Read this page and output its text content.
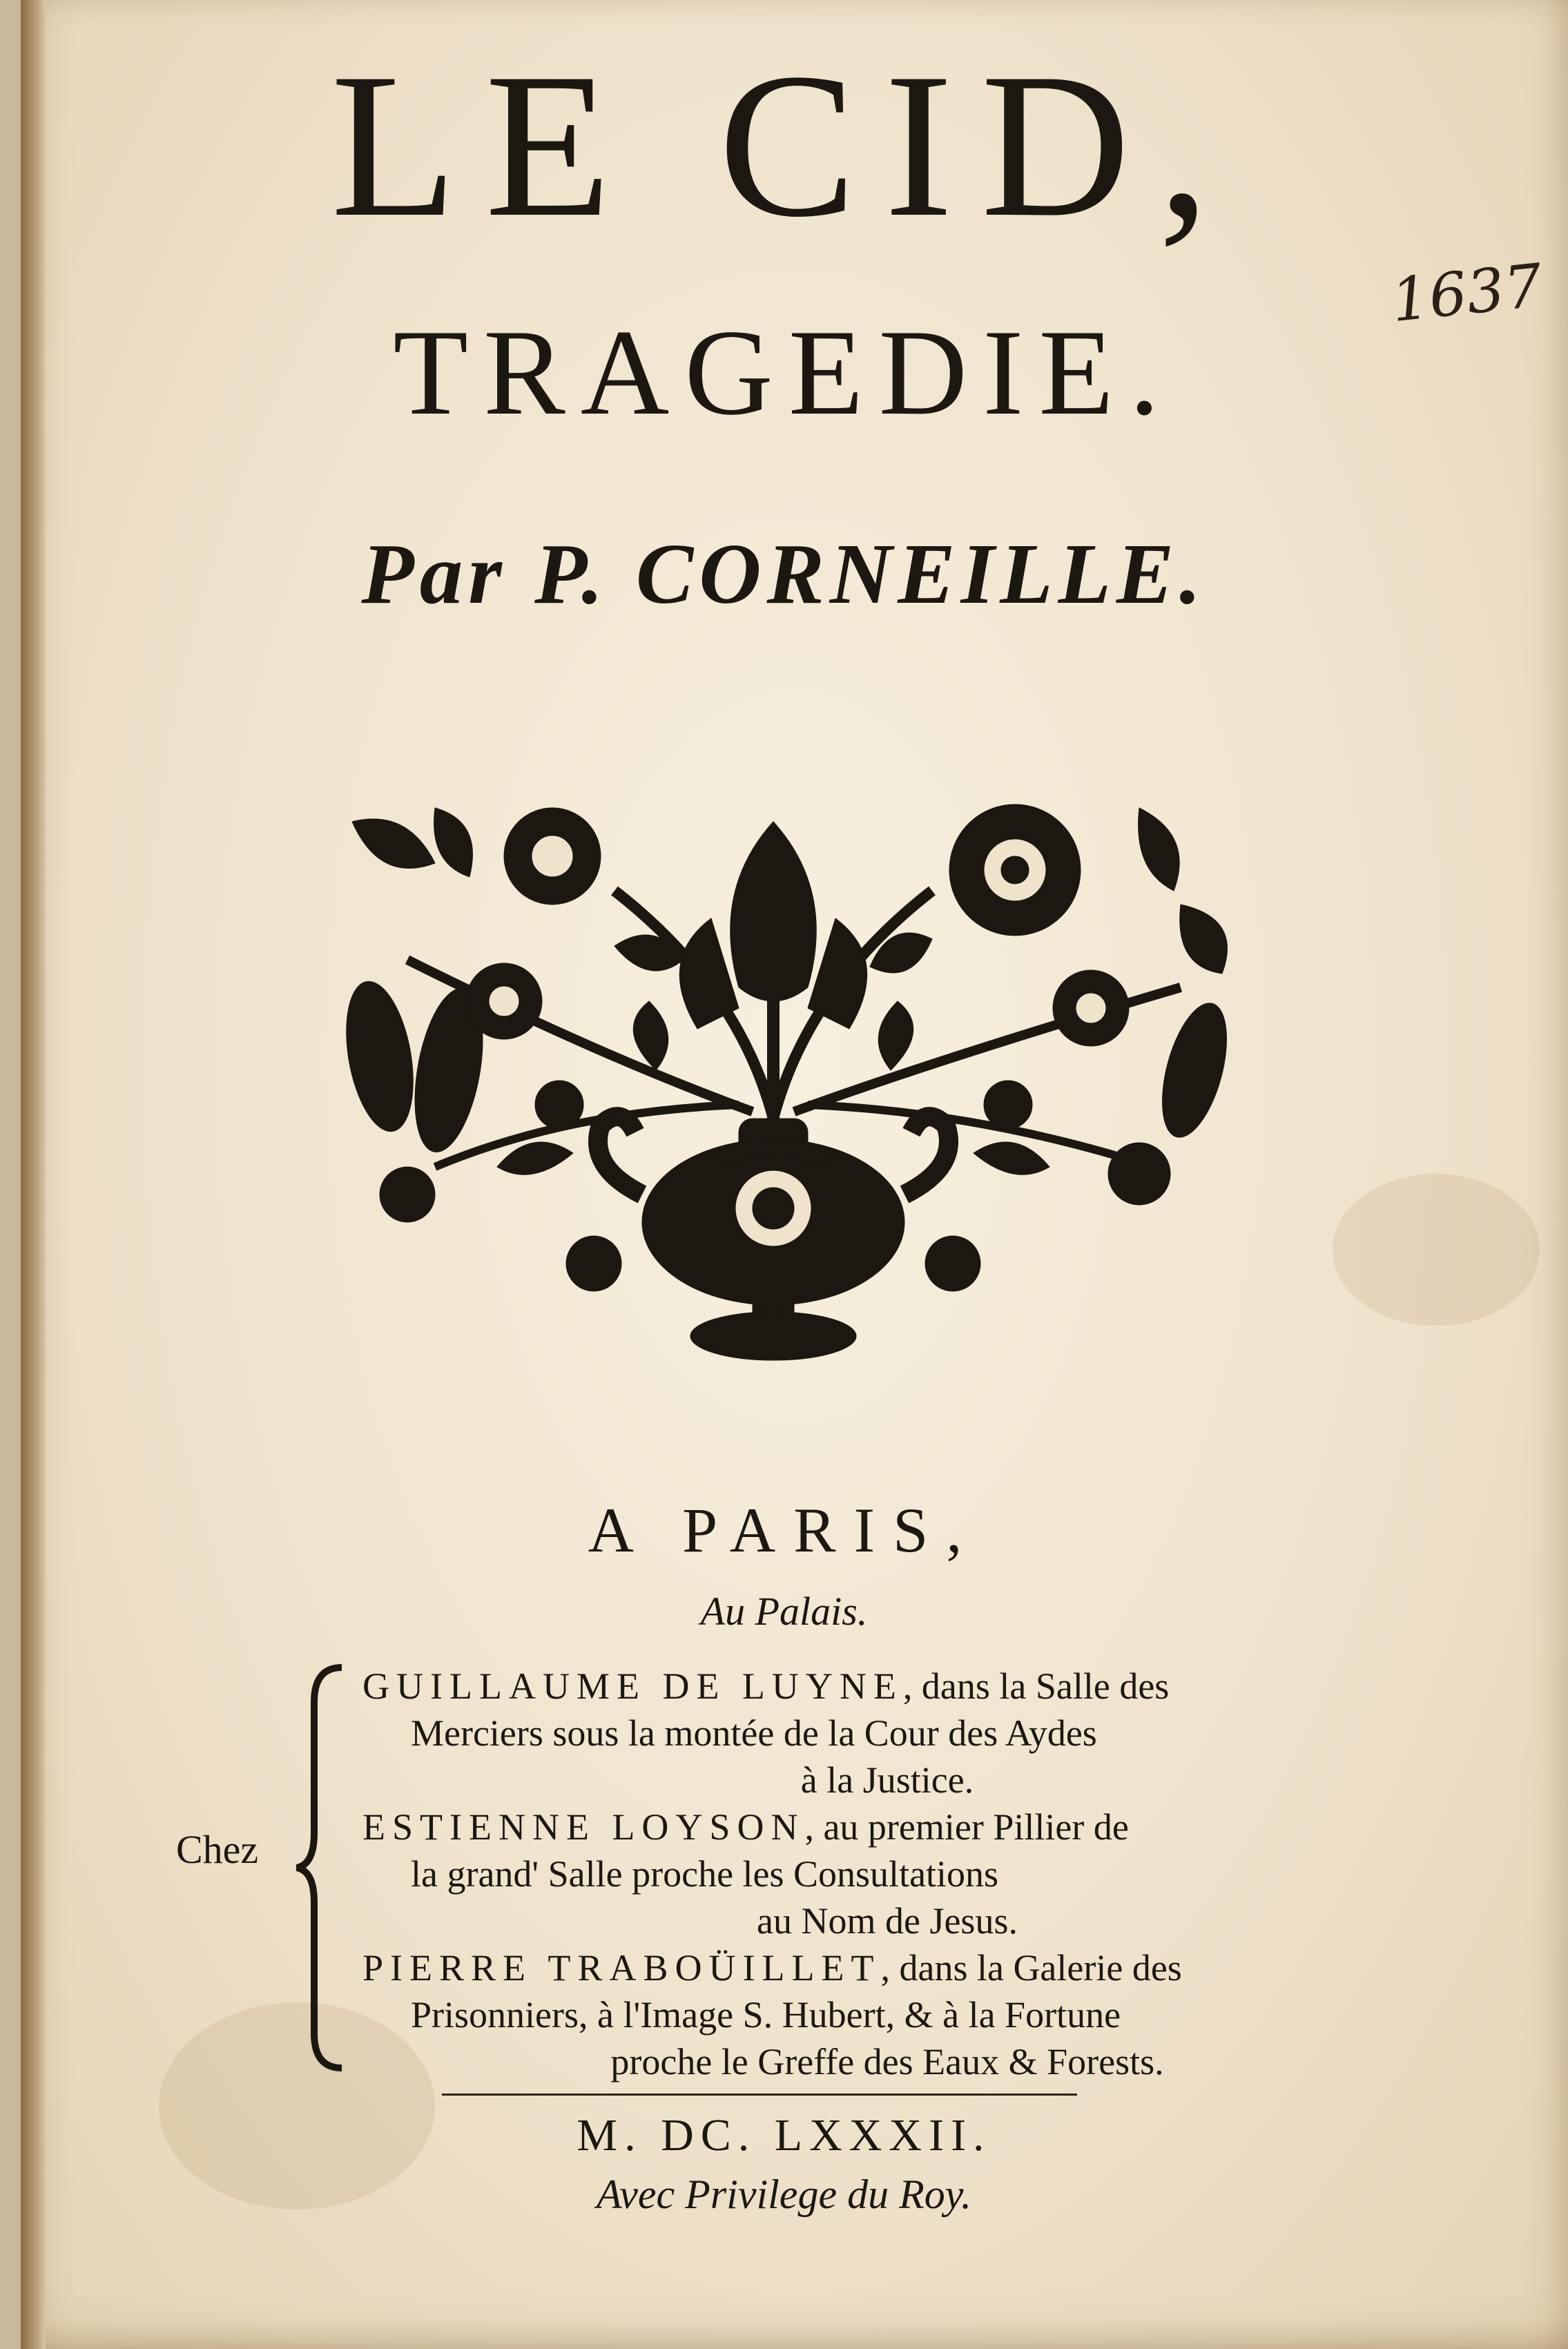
LE CID,
TRAGEDIE.
Par P. CORNEILLE.
1637
A PARIS,
Au Palais.
Chez
GUILLAUME DE LUYNE, dans la Salle des
Merciers sous la montée de la Cour des Aydes
à la Justice.
ESTIENNE LOYSON, au premier Pillier de
la grand' Salle proche les Consultations
au Nom de Jesus.
PIERRE TRABOÜILLET, dans la Galerie des
Prisonniers, à l'Image S. Hubert, & à la Fortune
proche le Greffe des Eaux & Forests.
M. DC. LXXXII.
Avec Privilege du Roy.
